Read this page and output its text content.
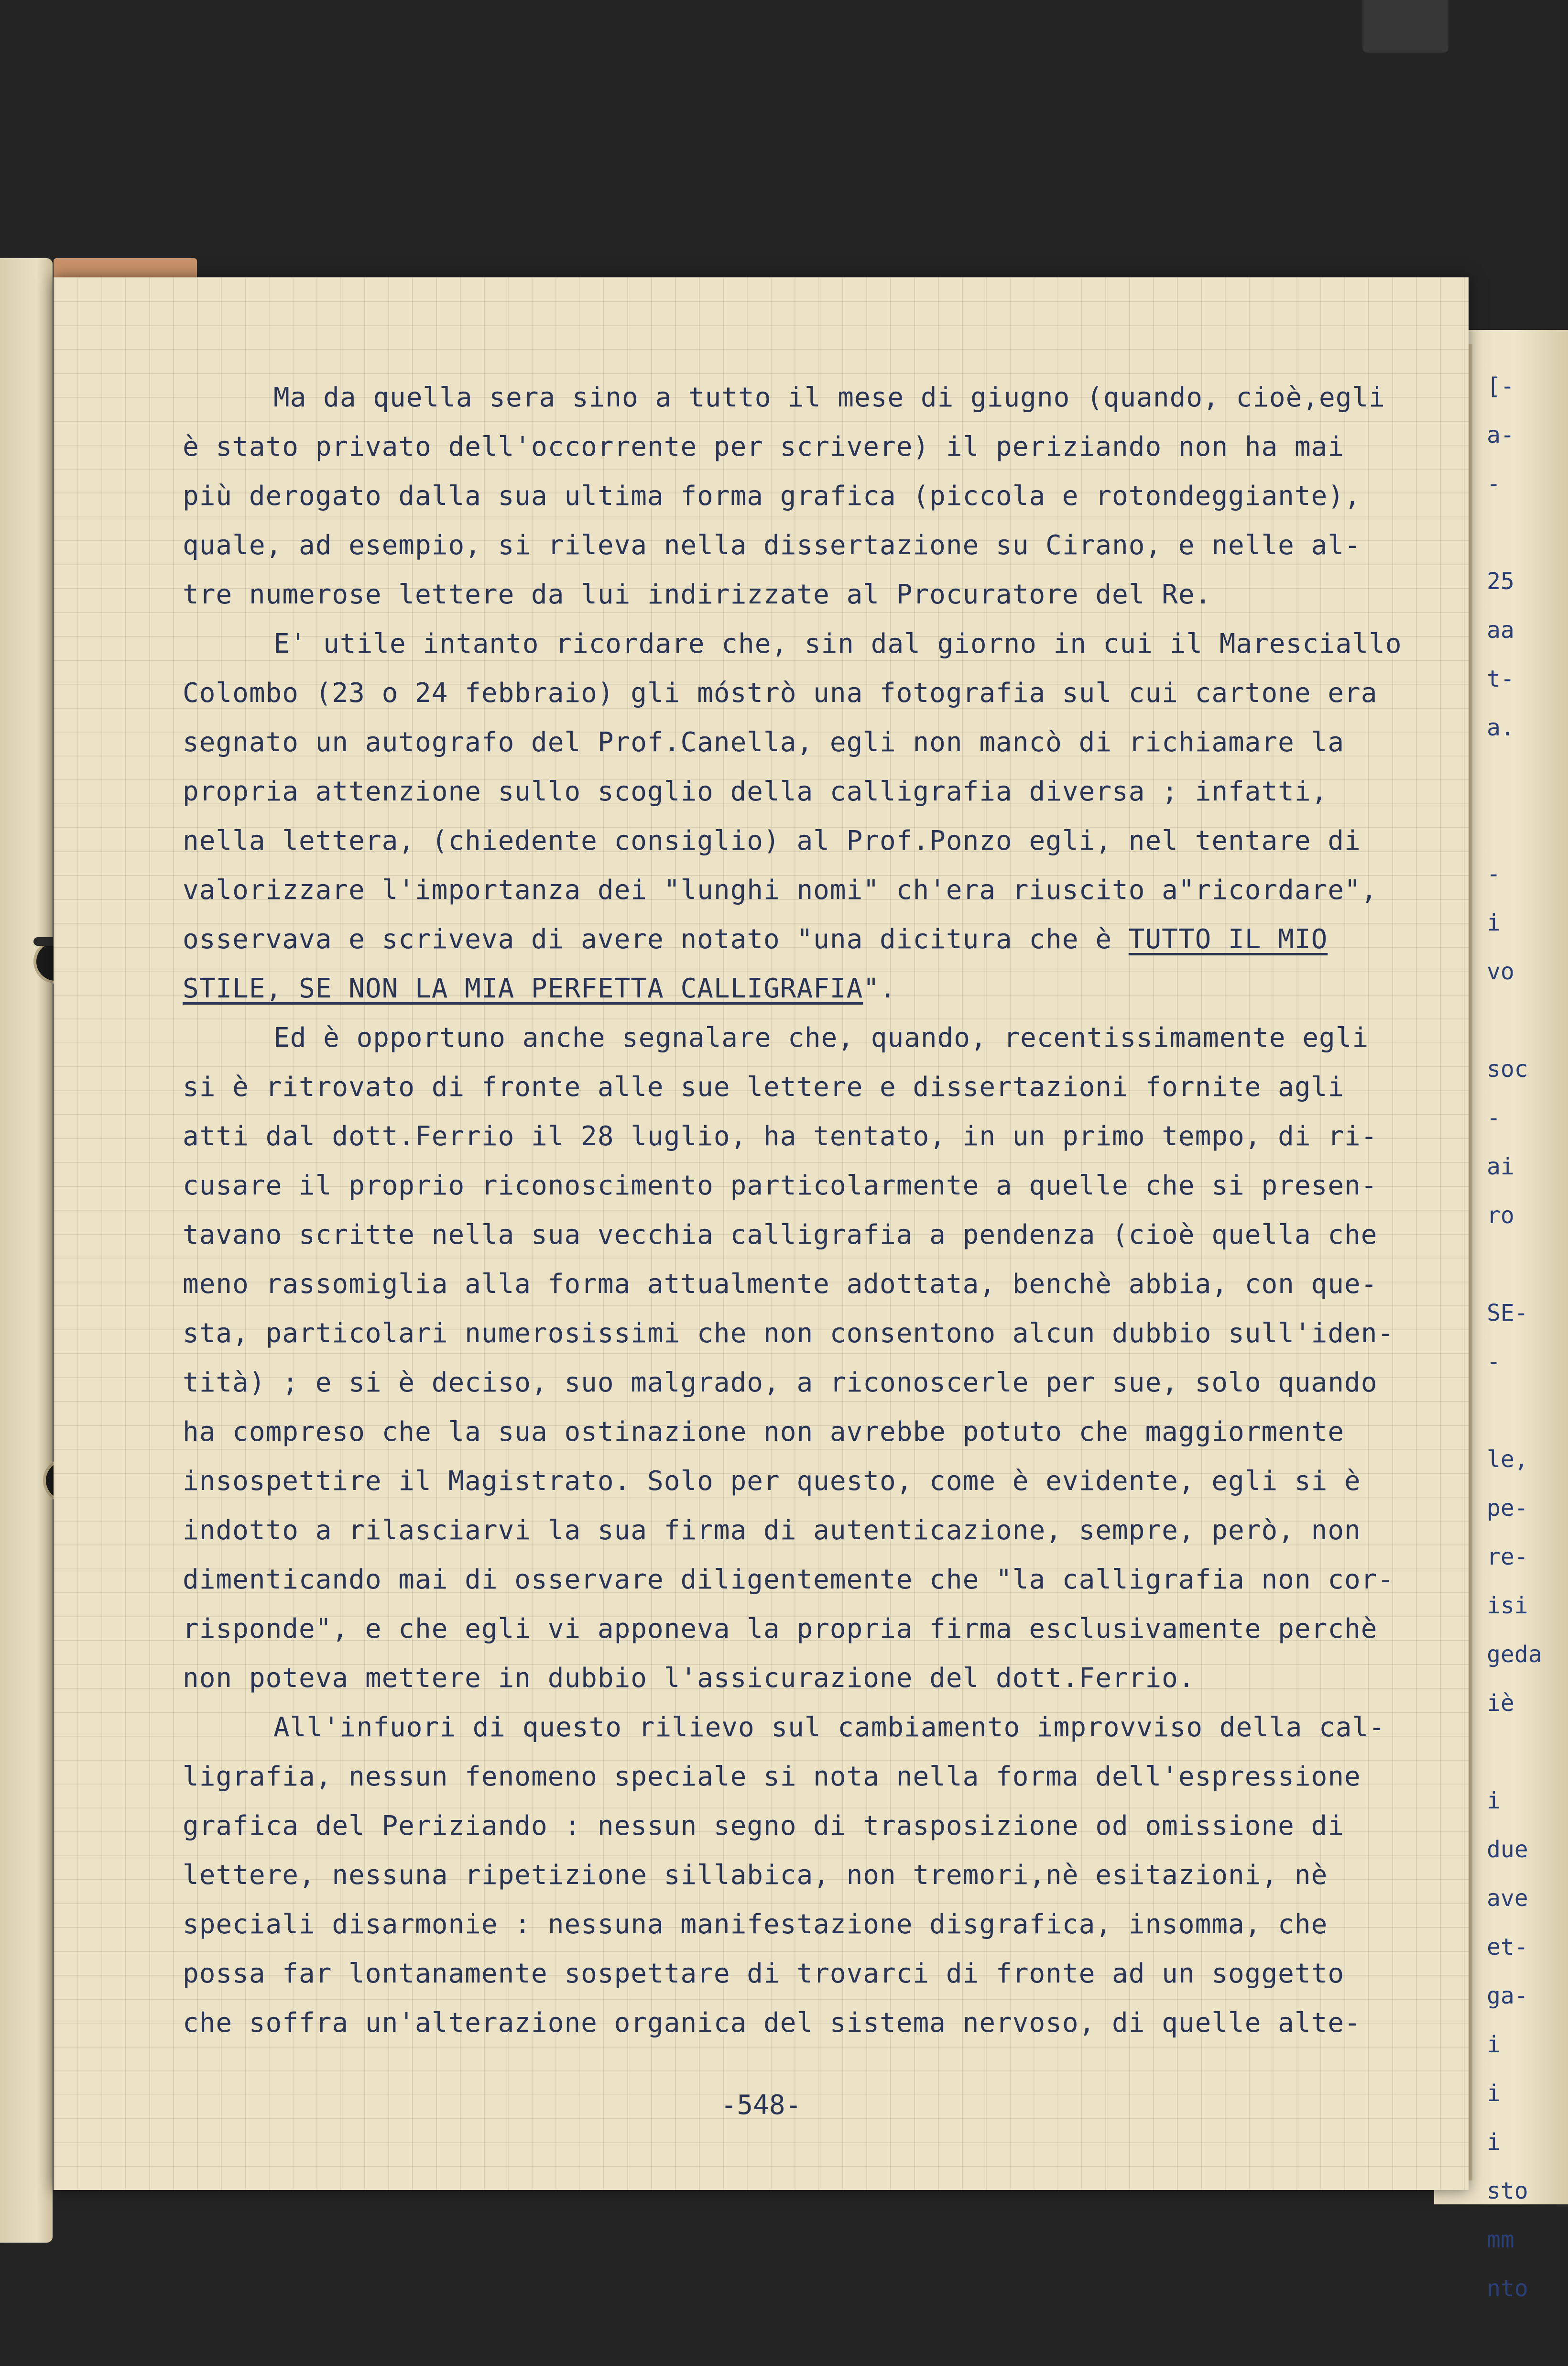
[-
a-
-
25
aa
t-
a.
-
i
vo
soc
-
ai
ro
SE-
-
le,
pe-
re-
isi
geda
iè
i
due
ave
et-
ga-
i
i
i
sto
mm
nto
Ma da quella sera sino a tutto il mese di giugno (quando, cioè,egli
è stato privato dell'occorrente per scrivere) il periziando non ha mai
più derogato dalla sua ultima forma grafica (piccola e rotondeggiante),
quale, ad esempio, si rileva nella dissertazione su Cirano, e nelle al-
tre numerose lettere da lui indirizzate al Procuratore del Re.
E' utile intanto ricordare che, sin dal giorno in cui il Maresciallo
Colombo (23 o 24 febbraio) gli móstrò una fotografia sul cui cartone era
segnato un autografo del Prof.Canella, egli non mancò di richiamare la
propria attenzione sullo scoglio della calligrafia diversa ; infatti,
nella lettera, (chiedente consiglio) al Prof.Ponzo egli, nel tentare di
valorizzare l'importanza dei "lunghi nomi" ch'era riuscito a"ricordare",
osservava e scriveva di avere notato "una dicitura che è TUTTO IL MIO
STILE, SE NON LA MIA PERFETTA CALLIGRAFIA".
Ed è opportuno anche segnalare che, quando, recentissimamente egli
si è ritrovato di fronte alle sue lettere e dissertazioni fornite agli
atti dal dott.Ferrio il 28 luglio, ha tentato, in un primo tempo, di ri-
cusare il proprio riconoscimento particolarmente a quelle che si presen-
tavano scritte nella sua vecchia calligrafia a pendenza (cioè quella che
meno rassomiglia alla forma attualmente adottata, benchè abbia, con que-
sta, particolari numerosissimi che non consentono alcun dubbio sull'iden-
tità) ; e si è deciso, suo malgrado, a riconoscerle per sue, solo quando
ha compreso che la sua ostinazione non avrebbe potuto che maggiormente
insospettire il Magistrato. Solo per questo, come è evidente, egli si è
indotto a rilasciarvi la sua firma di autenticazione, sempre, però, non
dimenticando mai di osservare diligentemente che "la calligrafia non cor-
risponde", e che egli vi apponeva la propria firma esclusivamente perchè
non poteva mettere in dubbio l'assicurazione del dott.Ferrio.
All'infuori di questo rilievo sul cambiamento improvviso della cal-
ligrafia, nessun fenomeno speciale si nota nella forma dell'espressione
grafica del Periziando : nessun segno di trasposizione od omissione di
lettere, nessuna ripetizione sillabica, non tremori,nè esitazioni, nè
speciali disarmonie : nessuna manifestazione disgrafica, insomma, che
possa far lontanamente sospettare di trovarci di fronte ad un soggetto
che soffra un'alterazione organica del sistema nervoso, di quelle alte-
-548-
